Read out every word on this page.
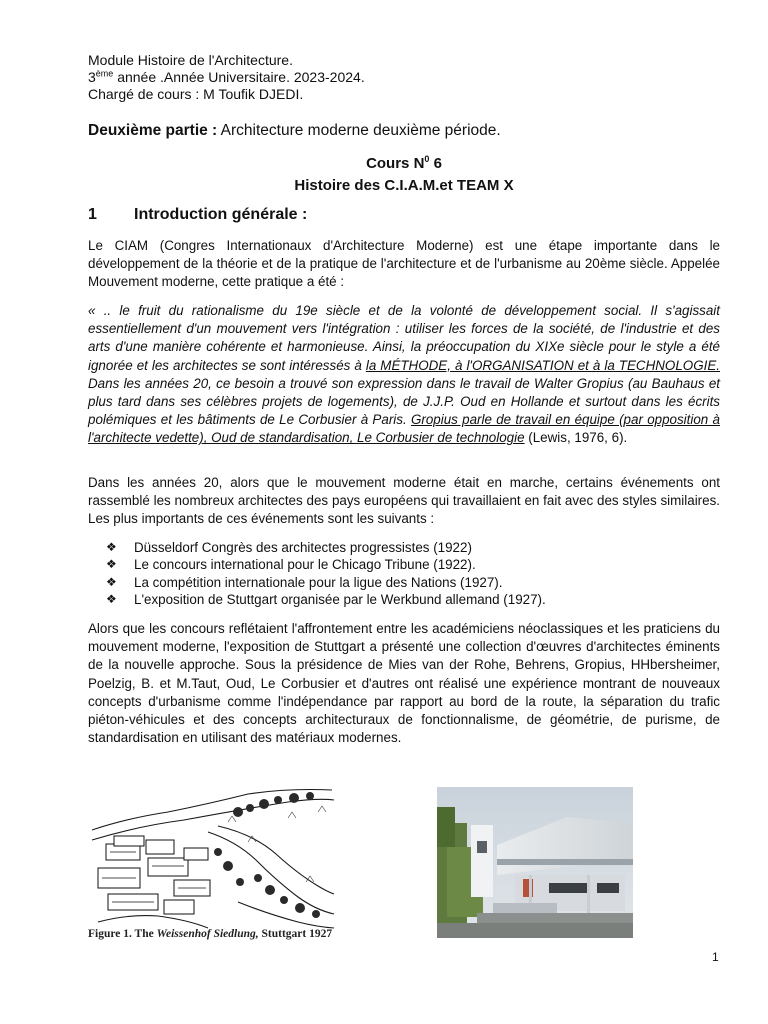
Module Histoire de l'Architecture.
3ème année .Année Universitaire. 2023-2024.
Chargé de cours : M Toufik DJEDI.
Deuxième partie : Architecture moderne deuxième période.
Cours $N^0$ 6
Histoire des C.I.A.M.et TEAM X
1 Introduction générale :
Le CIAM (Congres Internationaux d'Architecture Moderne) est une étape importante dans le développement de la théorie et de la pratique de l'architecture et de l'urbanisme au 20ème siècle. Appelée Mouvement moderne, cette pratique a été :
« .. le fruit du rationalisme du 19e siècle et de la volonté de développement social. Il s'agissait essentiellement d'un mouvement vers l'intégration : utiliser les forces de la société, de l'industrie et des arts d'une manière cohérente et harmonieuse. Ainsi, la préoccupation du XIXe siècle pour le style a été ignorée et les architectes se sont intéressés à la MÉTHODE, à l'ORGANISATION et à la TECHNOLOGIE. Dans les années 20, ce besoin a trouvé son expression dans le travail de Walter Gropius (au Bauhaus et plus tard dans ses célèbres projets de logements), de J.J.P. Oud en Hollande et surtout dans les écrits polémiques et les bâtiments de Le Corbusier à Paris. Gropius parle de travail en équipe (par opposition à l'architecte vedette), Oud de standardisation, Le Corbusier de technologie (Lewis, 1976, 6).
Dans les années 20, alors que le mouvement moderne était en marche, certains événements ont rassemblé les nombreux architectes des pays européens qui travaillaient en fait avec des styles similaires. Les plus importants de ces événements sont les suivants :
❖ Düsseldorf Congrès des architectes progressistes (1922)
❖ Le concours international pour le Chicago Tribune (1922).
❖ La compétition internationale pour la ligue des Nations (1927).
❖ L'exposition de Stuttgart organisée par le Werkbund allemand (1927).
Alors que les concours reflétaient l'affrontement entre les académiciens néoclassiques et les praticiens du mouvement moderne, l'exposition de Stuttgart a présenté une collection d'œuvres d'architectes éminents de la nouvelle approche. Sous la présidence de Mies van der Rohe, Behrens, Gropius, HHbersheimer, Poelzig, B. et M.Taut, Oud, Le Corbusier et d'autres ont réalisé une expérience montrant de nouveaux concepts d'urbanisme comme l'indépendance par rapport au bord de la route, la séparation du trafic piéton-véhicules et des concepts architecturaux de fonctionnalisme, de géométrie, de purisme, de standardisation en utilisant des matériaux modernes.
Figure 1. The Weissenhof Siedlung, Stuttgart 1927
1
